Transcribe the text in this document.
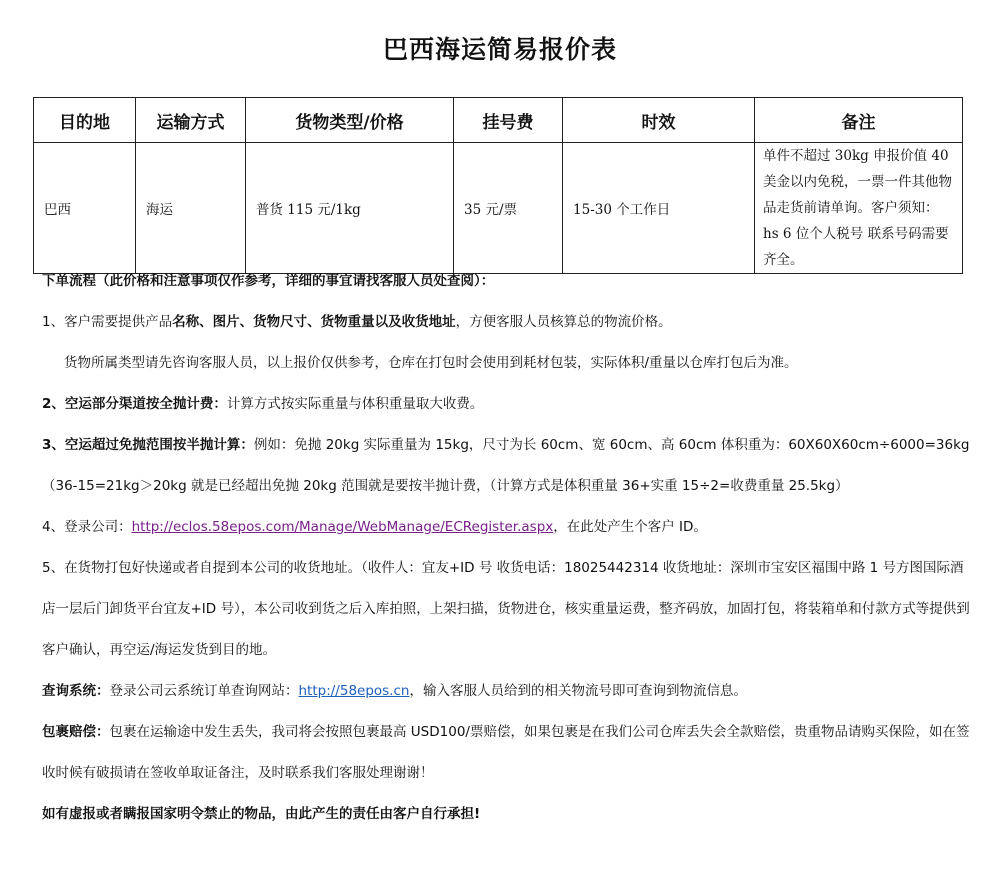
巴西海运简易报价表
目的地	运输方式	货物类型/价格	挂号费	时效	备注
巴西	海运	普货 115 元/1kg	35 元/票	15-30 个工作日	单件不超过 30kg 申报价值 40 美金以内免税，一票一件其他物品走货前请单询。客户须知： hs 6 位个人税号 联系号码需要齐全。

下单流程（此价格和注意事项仅作参考，详细的事宜请找客服人员处查阅）：

1、客户需要提供产品名称、图片、货物尺寸、货物重量以及收货地址，方便客服人员核算总的物流价格。

货物所属类型请先咨询客服人员，以上报价仅供参考，仓库在打包时会使用到耗材包装，实际体积/重量以仓库打包后为准。

2、空运部分渠道按全抛计费：计算方式按实际重量与体积重量取大收费。

3、空运超过免抛范围按半抛计算：例如：免抛 20kg 实际重量为 15kg，尺寸为长 60cm、宽 60cm、高 60cm 体积重为：60X60X60cm÷6000=36kg （36-15=21kg＞20kg 就是已经超出免抛 20kg 范围就是要按半抛计费，（计算方式是体积重量 36+实重 15÷2=收费重量 25.5kg）

4、登录公司：http://eclos.58epos.com/Manage/WebManage/ECRegister.aspx，在此处产生个客户 ID。

5、在货物打包好快递或者自提到本公司的收货地址。（收件人：宜友+ID 号 收货电话：18025442314 收货地址：深圳市宝安区福围中路 1 号方图国际酒店一层后门卸货平台宜友+ID 号），本公司收到货之后入库拍照，上架扫描，货物进仓，核实重量运费，整齐码放，加固打包，将装箱单和付款方式等提供到客户确认，再空运/海运发货到目的地。

查询系统：登录公司云系统订单查询网站：http://58epos.cn，输入客服人员给到的相关物流号即可查询到物流信息。

包裹赔偿：包裹在运输途中发生丢失，我司将会按照包裹最高 USD100/票赔偿，如果包裹是在我们公司仓库丢失会全款赔偿，贵重物品请购买保险，如在签收时候有破损请在签收单取证备注，及时联系我们客服处理谢谢！

如有虚报或者瞒报国家明令禁止的物品，由此产生的责任由客户自行承担!
